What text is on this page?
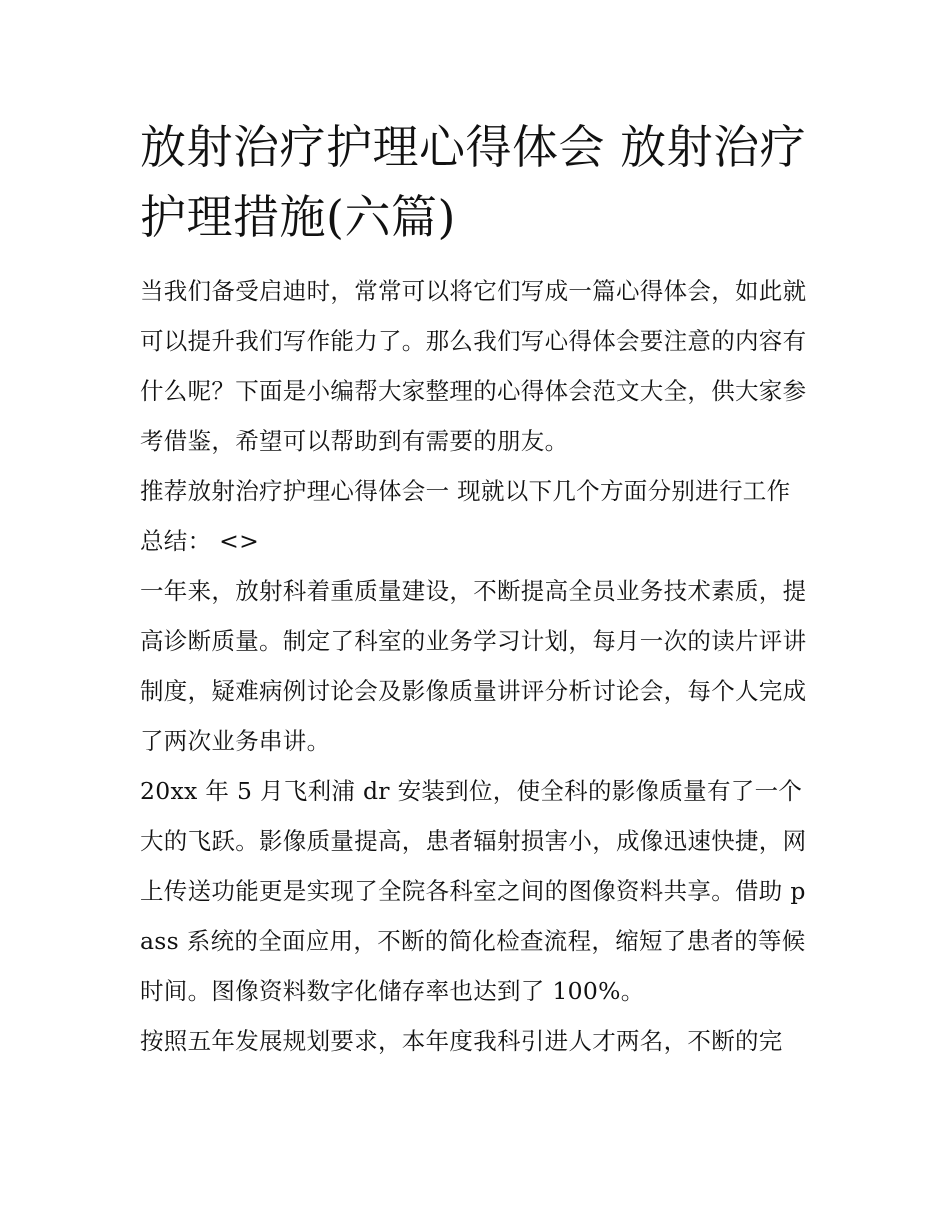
放射治疗护理心得体会 放射治疗护理措施(六篇)

当我们备受启迪时，常常可以将它们写成一篇心得体会，如此就可以提升我们写作能力了。那么我们写心得体会要注意的内容有什么呢？下面是小编帮大家整理的心得体会范文大全，供大家参考借鉴，希望可以帮助到有需要的朋友。

推荐放射治疗护理心得体会一 现就以下几个方面分别进行工作总结： <>

一年来，放射科着重质量建设，不断提高全员业务技术素质，提高诊断质量。制定了科室的业务学习计划，每月一次的读片评讲制度，疑难病例讨论会及影像质量讲评分析讨论会，每个人完成了两次业务串讲。

20xx 年 5 月飞利浦 dr 安装到位，使全科的影像质量有了一个大的飞跃。影像质量提高，患者辐射损害小，成像迅速快捷，网上传送功能更是实现了全院各科室之间的图像资料共享。借助 pass 系统的全面应用，不断的简化检查流程，缩短了患者的等候时间。图像资料数字化储存率也达到了 100%。

按照五年发展规划要求，本年度我科引进人才两名，不断的完
